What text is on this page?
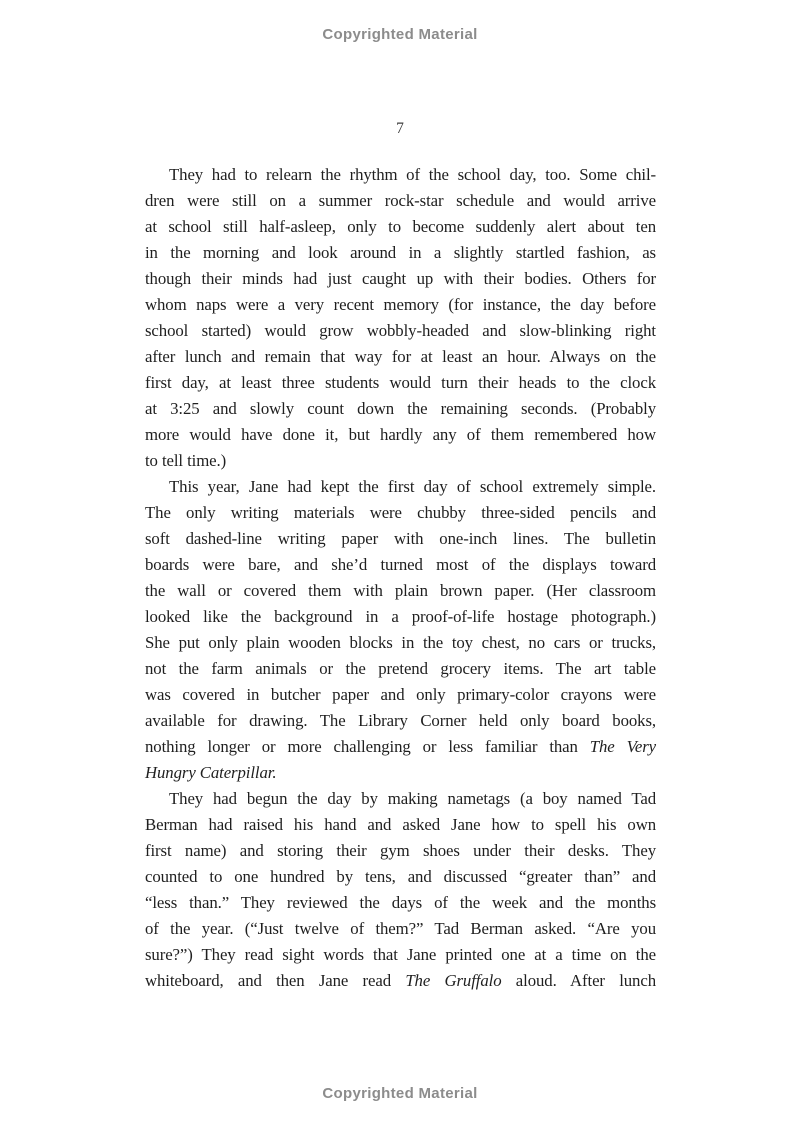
Copyrighted Material
7
They had to relearn the rhythm of the school day, too. Some chil-
dren were still on a summer rock-star schedule and would arrive
at school still half-asleep, only to become suddenly alert about ten
in the morning and look around in a slightly startled fashion, as
though their minds had just caught up with their bodies. Others for
whom naps were a very recent memory (for instance, the day before
school started) would grow wobbly-headed and slow-blinking right
after lunch and remain that way for at least an hour. Always on the
first day, at least three students would turn their heads to the clock
at 3:25 and slowly count down the remaining seconds. (Probably
more would have done it, but hardly any of them remembered how
to tell time.)
This year, Jane had kept the first day of school extremely simple.
The only writing materials were chubby three-sided pencils and
soft dashed-line writing paper with one-inch lines. The bulletin
boards were bare, and she’d turned most of the displays toward
the wall or covered them with plain brown paper. (Her classroom
looked like the background in a proof-of-life hostage photograph.)
She put only plain wooden blocks in the toy chest, no cars or trucks,
not the farm animals or the pretend grocery items. The art table
was covered in butcher paper and only primary-color crayons were
available for drawing. The Library Corner held only board books,
nothing longer or more challenging or less familiar than The Very
Hungry Caterpillar.
They had begun the day by making nametags (a boy named Tad
Berman had raised his hand and asked Jane how to spell his own
first name) and storing their gym shoes under their desks. They
counted to one hundred by tens, and discussed “greater than” and
“less than.” They reviewed the days of the week and the months
of the year. (“Just twelve of them?” Tad Berman asked. “Are you
sure?”) They read sight words that Jane printed one at a time on the
whiteboard, and then Jane read The Gruffalo aloud. After lunch
Copyrighted Material
